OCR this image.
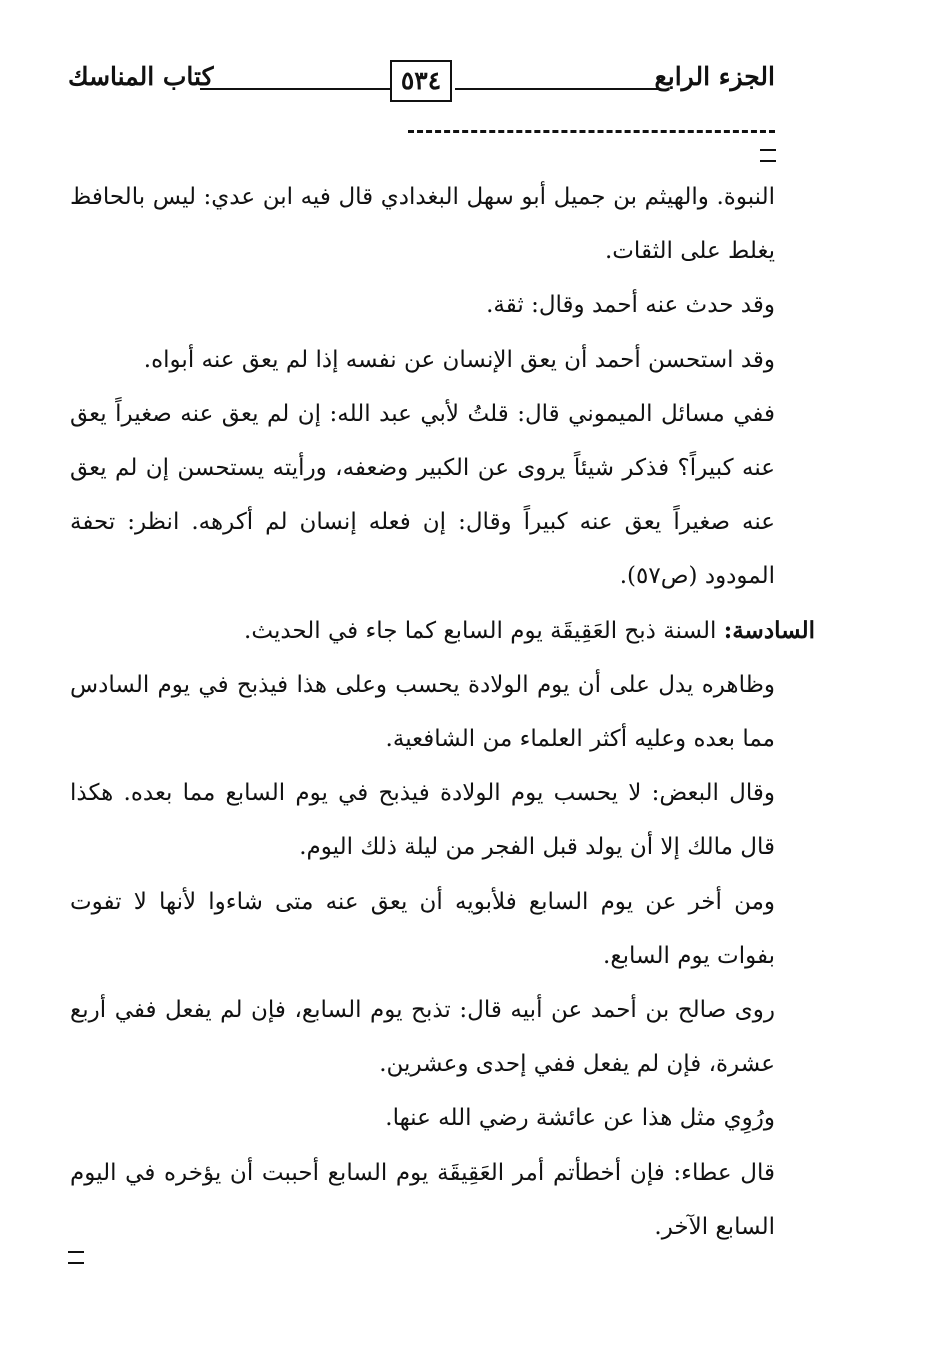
الجزء الرابع
٥٣٤
كتاب المناسك

النبوة. والهيثم بن جميل أبو سهل البغدادي قال فيه ابن عدي: ليس بالحافظ يغلط على الثقات.

وقد حدث عنه أحمد وقال: ثقة.

وقد استحسن أحمد أن يعق الإنسان عن نفسه إذا لم يعق عنه أبواه.

ففي مسائل الميموني قال: قلتُ لأبي عبد الله: إن لم يعق عنه صغيراً يعق عنه كبيراً؟ فذكر شيئاً يروى عن الكبير وضعفه، ورأيته يستحسن إن لم يعق عنه صغيراً يعق عنه كبيراً وقال: إن فعله إنسان لم أكرهه. انظر: تحفة المودود (ص٥٧).

السادسة: السنة ذبح العَقِيقَة يوم السابع كما جاء في الحديث.

وظاهره يدل على أن يوم الولادة يحسب وعلى هذا فيذبح في يوم السادس مما بعده وعليه أكثر العلماء من الشافعية.

وقال البعض: لا يحسب يوم الولادة فيذبح في يوم السابع مما بعده. هكذا قال مالك إلا أن يولد قبل الفجر من ليلة ذلك اليوم.

ومن أخر عن يوم السابع فلأبويه أن يعق عنه متى شاءوا لأنها لا تفوت بفوات يوم السابع.

روى صالح بن أحمد عن أبيه قال: تذبح يوم السابع، فإن لم يفعل ففي أربع عشرة، فإن لم يفعل ففي إحدى وعشرين.

ورُوِي مثل هذا عن عائشة رضي الله عنها.

قال عطاء: فإن أخطأتم أمر العَقِيقَة يوم السابع أحببت أن يؤخره في اليوم السابع الآخر.
